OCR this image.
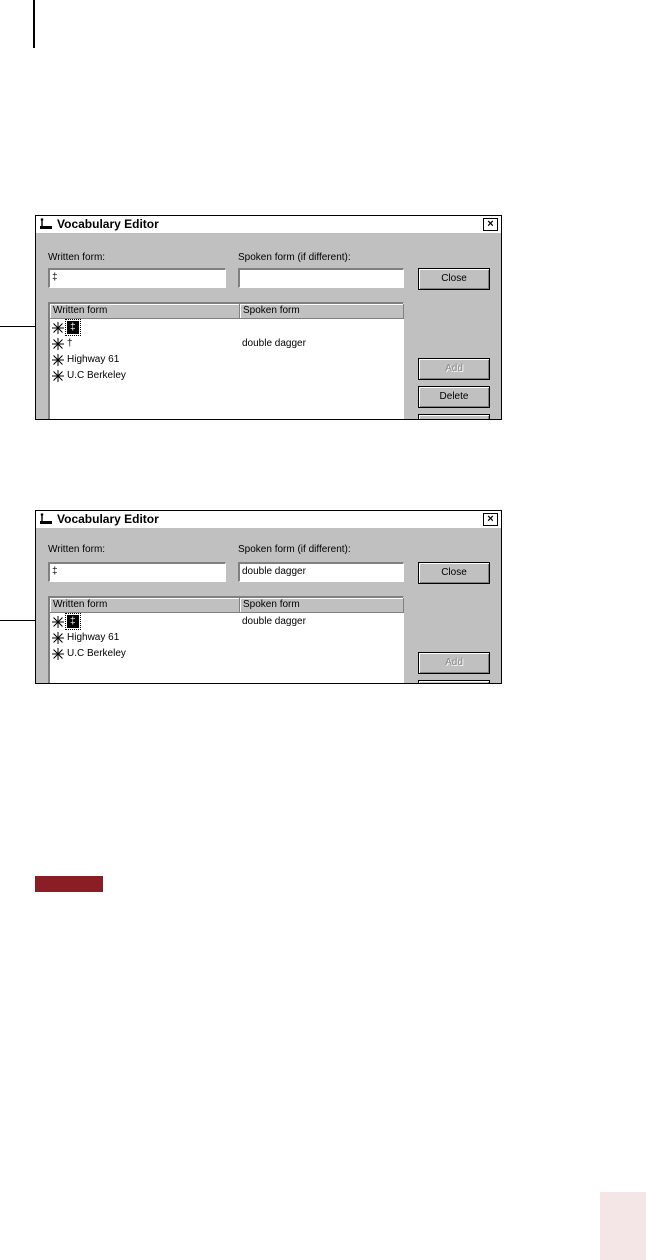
Vocabulary Editor	×
Written form:	Spoken form (if different):
‡	Close
Add
Delete
Written form	Spoken form
‡
†	double dagger
Highway 61
U.C Berkeley
Vocabulary Editor	×
Written form:	Spoken form (if different):
‡	double dagger	Close
Add
Written form	Spoken form
‡	double dagger
Highway 61
U.C Berkeley
